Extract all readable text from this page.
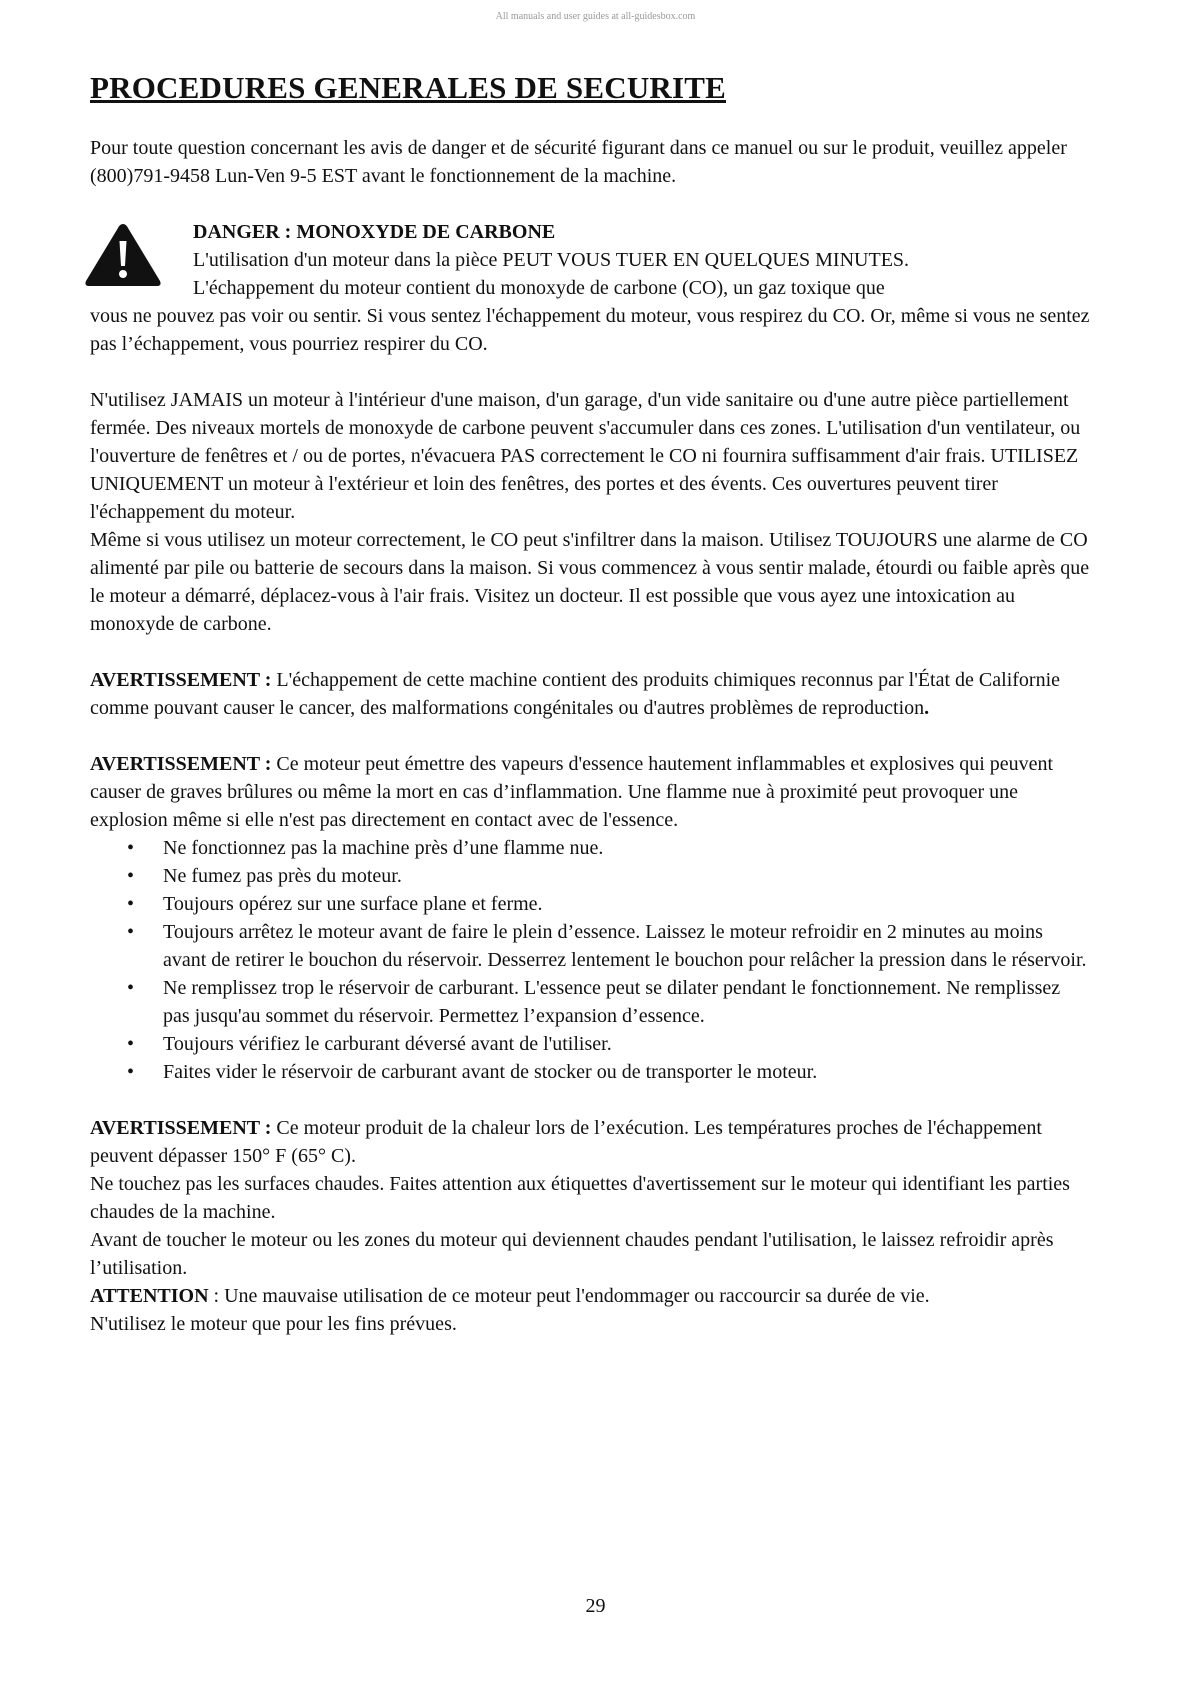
All manuals and user guides at all-guidesbox.com
PROCEDURES GENERALES DE SECURITE

Pour toute question concernant les avis de danger et de sécurité figurant dans ce manuel ou sur le produit, veuillez appeler (800)791-9458 Lun-Ven 9-5 EST avant le fonctionnement de la machine.

DANGER : MONOXYDE DE CARBONE
L'utilisation d'un moteur dans la pièce PEUT VOUS TUER EN QUELQUES MINUTES.
L'échappement du moteur contient du monoxyde de carbone (CO), un gaz toxique que

vous ne pouvez pas voir ou sentir. Si vous sentez l'échappement du moteur, vous respirez du CO. Or, même si vous ne sentez pas l’échappement, vous pourriez respirer du CO.

N'utilisez JAMAIS un moteur à l'intérieur d'une maison, d'un garage, d'un vide sanitaire ou d'une autre pièce partiellement fermée. Des niveaux mortels de monoxyde de carbone peuvent s'accumuler dans ces zones. L'utilisation d'un ventilateur, ou l'ouverture de fenêtres et / ou de portes, n'évacuera PAS correctement le CO ni fournira suffisamment d'air frais. UTILISEZ UNIQUEMENT un moteur à l'extérieur et loin des fenêtres, des portes et des évents. Ces ouvertures peuvent tirer l'échappement du moteur.

Même si vous utilisez un moteur correctement, le CO peut s'infiltrer dans la maison. Utilisez TOUJOURS une alarme de CO alimenté par pile ou batterie de secours dans la maison. Si vous commencez à vous sentir malade, étourdi ou faible après que le moteur a démarré, déplacez-vous à l'air frais. Visitez un docteur. Il est possible que vous ayez une intoxication au monoxyde de carbone.

AVERTISSEMENT : L'échappement de cette machine contient des produits chimiques reconnus par l'État de Californie comme pouvant causer le cancer, des malformations congénitales ou d'autres problèmes de reproduction.

AVERTISSEMENT : Ce moteur peut émettre des vapeurs d'essence hautement inflammables et explosives qui peuvent causer de graves brûlures ou même la mort en cas d’inflammation. Une flamme nue à proximité peut provoquer une explosion même si elle n'est pas directement en contact avec de l'essence.

• Ne fonctionnez pas la machine près d’une flamme nue.
• Ne fumez pas près du moteur.
• Toujours opérez sur une surface plane et ferme.
• Toujours arrêtez le moteur avant de faire le plein d’essence. Laissez le moteur refroidir en 2 minutes au moins avant de retirer le bouchon du réservoir. Desserrez lentement le bouchon pour relâcher la pression dans le réservoir.
• Ne remplissez trop le réservoir de carburant. L'essence peut se dilater pendant le fonctionnement. Ne remplissez pas jusqu'au sommet du réservoir. Permettez l’expansion d’essence.
• Toujours vérifiez le carburant déversé avant de l'utiliser.
• Faites vider le réservoir de carburant avant de stocker ou de transporter le moteur.

AVERTISSEMENT : Ce moteur produit de la chaleur lors de l’exécution. Les températures proches de l'échappement peuvent dépasser 150° F (65° C).

Ne touchez pas les surfaces chaudes. Faites attention aux étiquettes d'avertissement sur le moteur qui identifiant les parties chaudes de la machine.

Avant de toucher le moteur ou les zones du moteur qui deviennent chaudes pendant l'utilisation, le laissez refroidir après l’utilisation.

ATTENTION : Une mauvaise utilisation de ce moteur peut l'endommager ou raccourcir sa durée de vie.

N'utilisez le moteur que pour les fins prévues.

29
